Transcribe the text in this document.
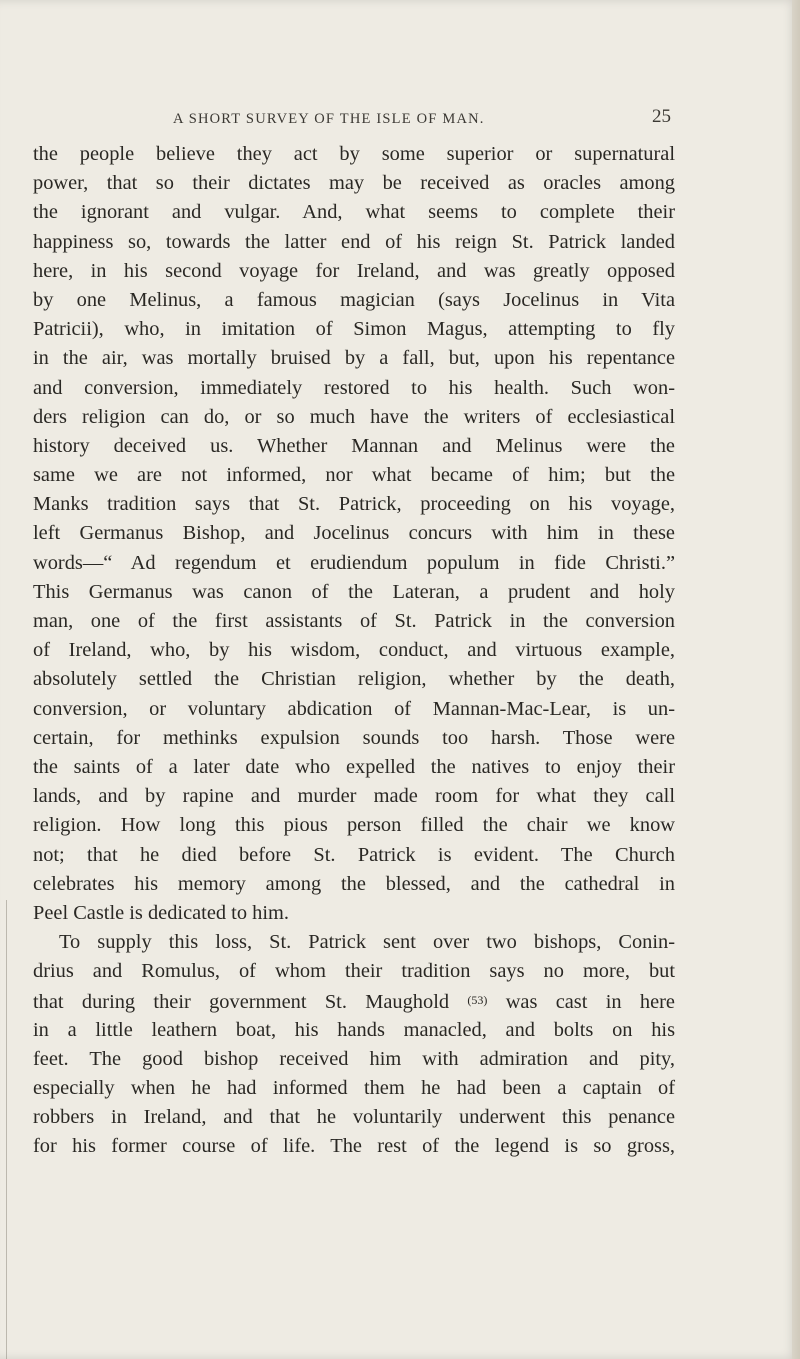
A SHORT SURVEY OF THE ISLE OF MAN.	25
the people believe they act by some superior or supernatural
power, that so their dictates may be received as oracles among
the ignorant and vulgar. And, what seems to complete their
happiness so, towards the latter end of his reign St. Patrick landed
here, in his second voyage for Ireland, and was greatly opposed
by one Melinus, a famous magician (says Jocelinus in Vita
Patricii), who, in imitation of Simon Magus, attempting to fly
in the air, was mortally bruised by a fall, but, upon his repentance
and conversion, immediately restored to his health. Such won-
ders religion can do, or so much have the writers of ecclesiastical
history deceived us. Whether Mannan and Melinus were the
same we are not informed, nor what became of him; but the
Manks tradition says that St. Patrick, proceeding on his voyage,
left Germanus Bishop, and Jocelinus concurs with him in these
words—“ Ad regendum et erudiendum populum in fide Christi.”
This Germanus was canon of the Lateran, a prudent and holy
man, one of the first assistants of St. Patrick in the conversion
of Ireland, who, by his wisdom, conduct, and virtuous example,
absolutely settled the Christian religion, whether by the death,
conversion, or voluntary abdication of Mannan-Mac-Lear, is un-
certain, for methinks expulsion sounds too harsh. Those were
the saints of a later date who expelled the natives to enjoy their
lands, and by rapine and murder made room for what they call
religion. How long this pious person filled the chair we know
not; that he died before St. Patrick is evident. The Church
celebrates his memory among the blessed, and the cathedral in
Peel Castle is dedicated to him.
To supply this loss, St. Patrick sent over two bishops, Conin-
drius and Romulus, of whom their tradition says no more, but
that during their government St. Maughold (53) was cast in here
in a little leathern boat, his hands manacled, and bolts on his
feet. The good bishop received him with admiration and pity,
especially when he had informed them he had been a captain of
robbers in Ireland, and that he voluntarily underwent this penance
for his former course of life. The rest of the legend is so gross,
